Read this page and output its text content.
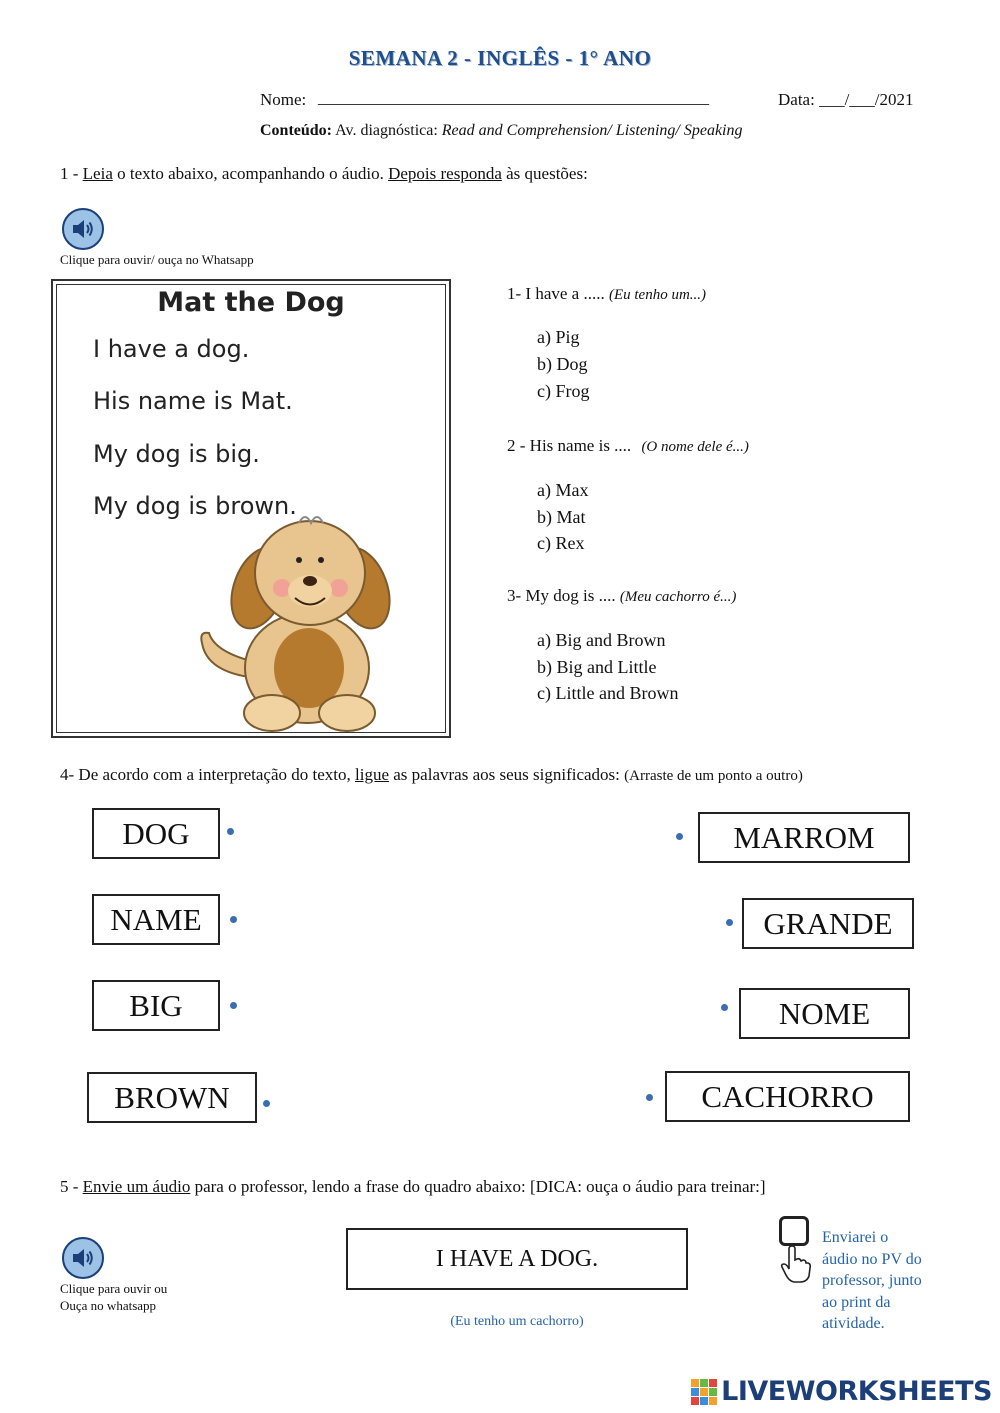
SEMANA 2 - INGLÊS - 1° ANO
Nome: ______________________________________________	Data: ___/___/2021
Conteúdo: Av. diagnóstica: Read and Comprehension/ Listening/ Speaking
1 - Leia o texto abaixo, acompanhando o áudio. Depois responda às questões:
Clique para ouvir/ ouça no Whatsapp
Mat the Dog
I have a dog.
His name is Mat.
My dog is big.
My dog is brown.
1- I have a ..... (Eu tenho um...)
a) Pig
b) Dog
c) Frog
2 - His name is .... (O nome dele é...)
a) Max
b) Mat
c) Rex
3- My dog is .... (Meu cachorro é...)
a) Big and Brown
b) Big and Little
c) Little and Brown
4- De acordo com a interpretação do texto, ligue as palavras aos seus significados: (Arraste de um ponto a outro)
DOG
NAME
BIG
BROWN
MARROM
GRANDE
NOME
CACHORRO
5 - Envie um áudio para o professor, lendo a frase do quadro abaixo: [DICA: ouça o áudio para treinar:]
Clique para ouvir ou
Ouça no whatsapp
I HAVE A DOG.
(Eu tenho um cachorro)
Enviarei o
áudio no PV do
professor, junto
ao print da
atividade.
LIVEWORKSHEETS
